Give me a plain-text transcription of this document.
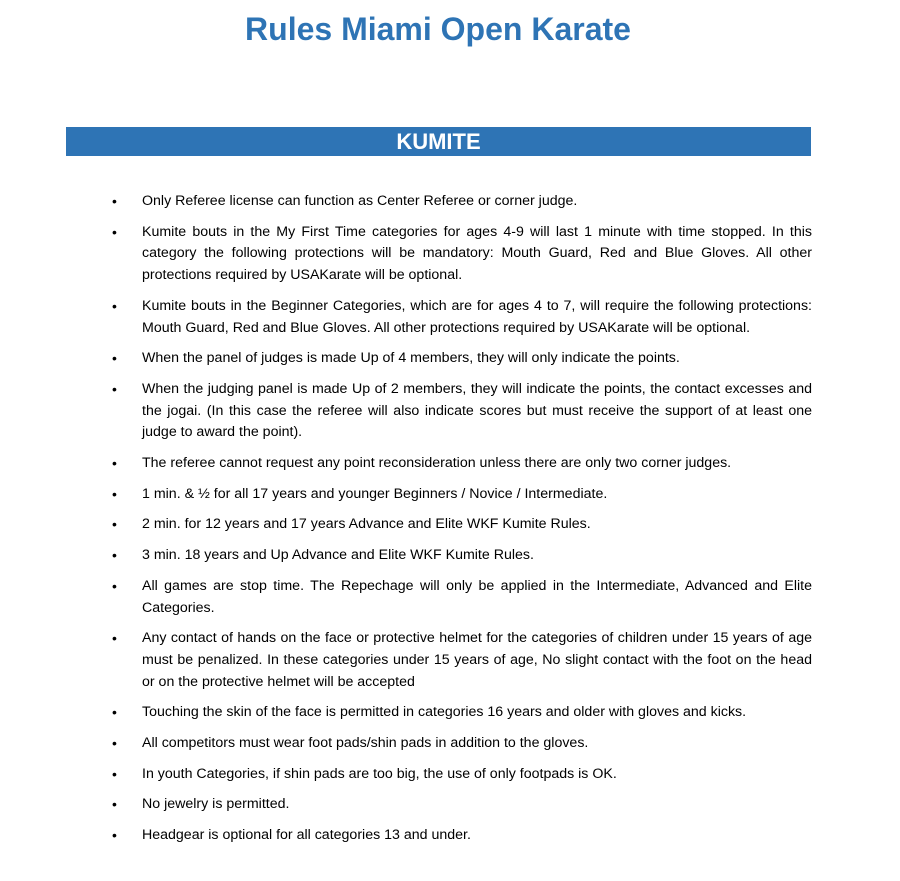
Rules Miami Open Karate
KUMITE
•	Only Referee license can function as Center Referee or corner judge.
•	Kumite bouts in the My First Time categories for ages 4-9 will last 1 minute with time stopped. In this category the following protections will be mandatory: Mouth Guard, Red and Blue Gloves. All other protections required by USAKarate will be optional.
•	Kumite bouts in the Beginner Categories, which are for ages 4 to 7, will require the following protections: Mouth Guard, Red and Blue Gloves. All other protections required by USAKarate will be optional.
•	When the panel of judges is made Up of 4 members, they will only indicate the points.
•	When the judging panel is made Up of 2 members, they will indicate the points, the contact excesses and the jogai. (In this case the referee will also indicate scores but must receive the support of at least one judge to award the point).
•	The referee cannot request any point reconsideration unless there are only two corner judges.
•	1 min. & ½ for all 17 years and younger Beginners / Novice / Intermediate.
•	2 min. for 12 years and 17 years Advance and Elite WKF Kumite Rules.
•	3 min. 18 years and Up Advance and Elite WKF Kumite Rules.
•	All games are stop time. The Repechage will only be applied in the Intermediate, Advanced and Elite Categories.
•	Any contact of hands on the face or protective helmet for the categories of children under 15 years of age must be penalized. In these categories under 15 years of age, No slight contact with the foot on the head or on the protective helmet will be accepted
•	Touching the skin of the face is permitted in categories 16 years and older with gloves and kicks.
•	All competitors must wear foot pads/shin pads in addition to the gloves.
•	In youth Categories, if shin pads are too big, the use of only footpads is OK.
•	No jewelry is permitted.
•	Headgear is optional for all categories 13 and under.
